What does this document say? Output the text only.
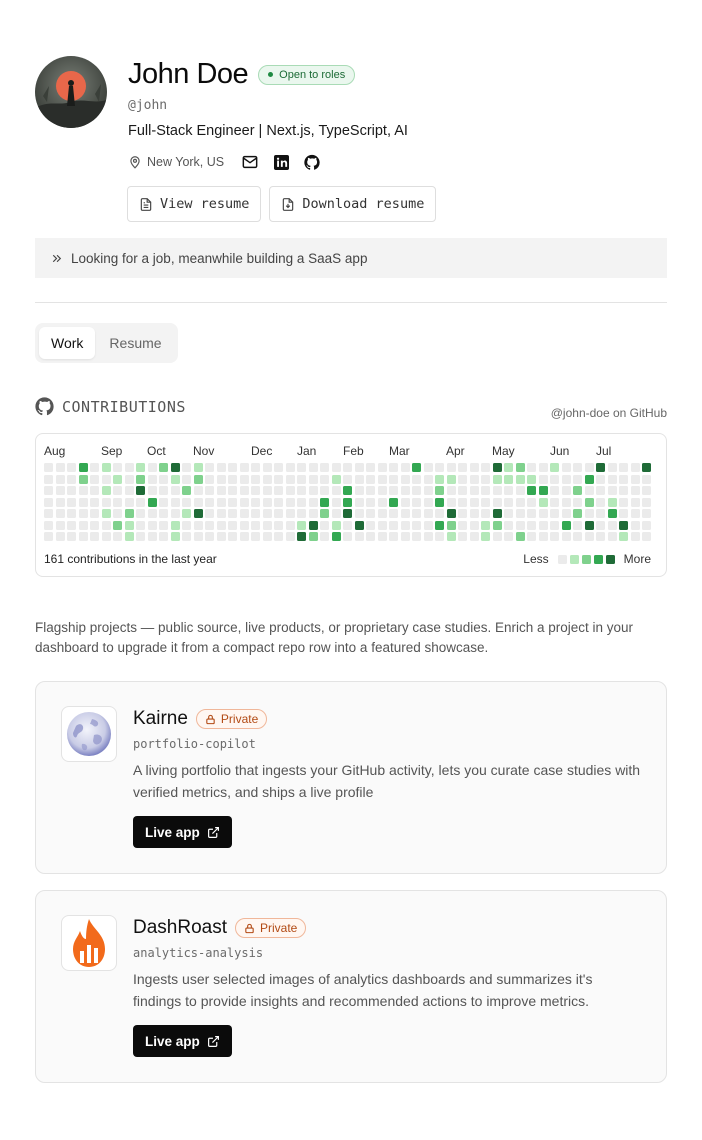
John Doe	Open to roles
@john
Full-Stack Engineer | Next.js, TypeScript, AI
New York, US
View resume	Download resume
Looking for a job, meanwhile building a SaaS app
Work	Resume
CONTRIBUTIONS	@john-doe on GitHub
Aug	Sep Oct Nov	Dec Jan Feb Mar	Apr May	Jun Jul
161 contributions in the last year	Less	More
Flagship projects — public source, live products, or proprietary case studies. Enrich a project in your dashboard to upgrade it from a compact repo row into a featured showcase.
Kairne	Private
portfolio-copilot
A living portfolio that ingests your GitHub activity, lets you curate case studies with verified metrics, and ships a live profile
Live app
DashRoast	Private
analytics-analysis
Ingests user selected images of analytics dashboards and summarizes it's findings to provide insights and recommended actions to improve metrics.
Live app
